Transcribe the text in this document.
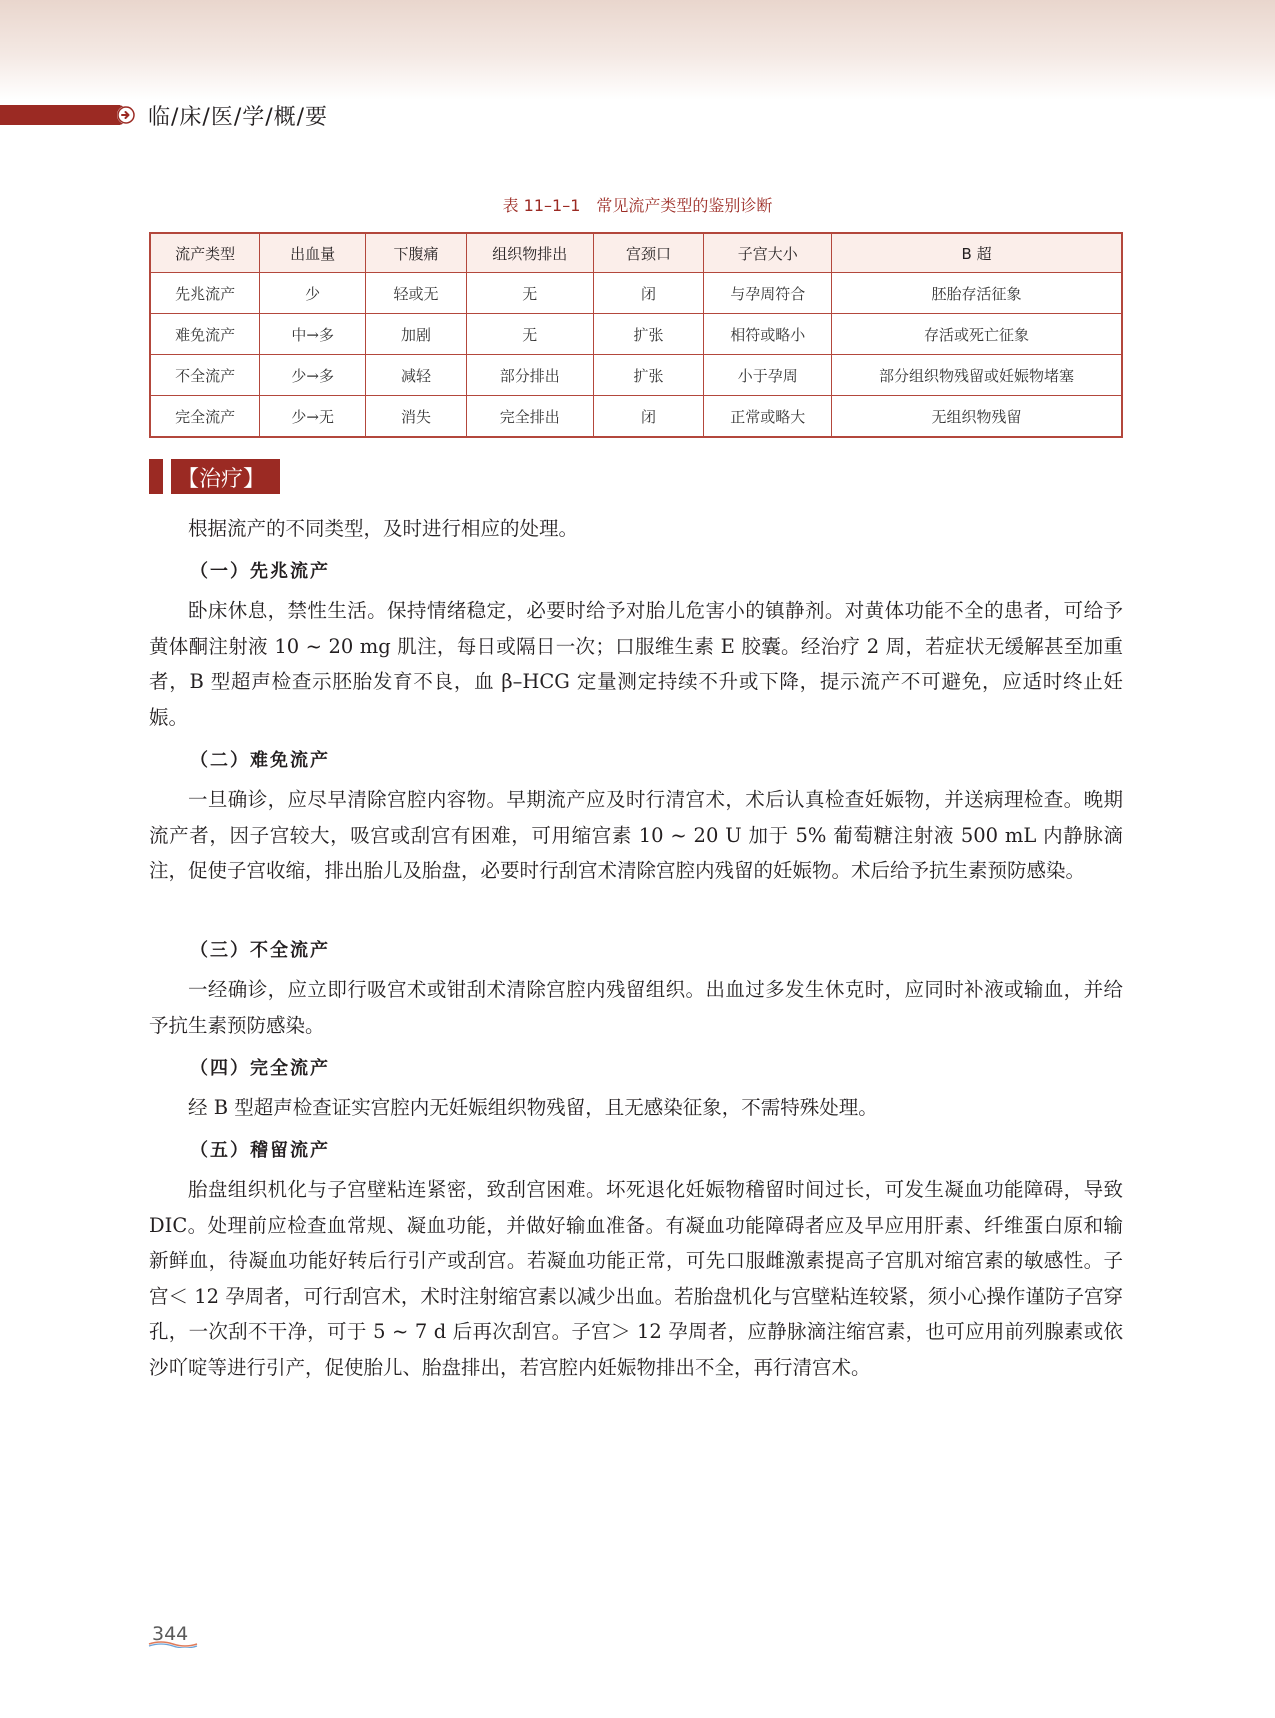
临/床/医/学/概/要
表 11–1–1　常见流产类型的鉴别诊断
流产类型	出血量	下腹痛	组织物排出	宫颈口	子宫大小	B 超
先兆流产	少	轻或无	无	闭	与孕周符合	胚胎存活征象
难免流产	中→多	加剧	无	扩张	相符或略小	存活或死亡征象
不全流产	少→多	减轻	部分排出	扩张	小于孕周	部分组织物残留或妊娠物堵塞
完全流产	少→无	消失	完全排出	闭	正常或略大	无组织物残留
【治疗】

根据流产的不同类型，及时进行相应的处理。

（一）先兆流产

卧床休息，禁性生活。保持情绪稳定，必要时给予对胎儿危害小的镇静剂。对黄体功能不全的患者，可给予黄体酮注射液 10 ~ 20 mg 肌注，每日或隔日一次；口服维生素 E 胶囊。经治疗 2 周，若症状无缓解甚至加重者，B 型超声检查示胚胎发育不良，血 β–HCG 定量测定持续不升或下降，提示流产不可避免，应适时终止妊娠。

（二）难免流产

一旦确诊，应尽早清除宫腔内容物。早期流产应及时行清宫术，术后认真检查妊娠物，并送病理检查。晚期流产者，因子宫较大，吸宫或刮宫有困难，可用缩宫素 10 ~ 20 U 加于 5% 葡萄糖注射液 500 mL 内静脉滴注，促使子宫收缩，排出胎儿及胎盘，必要时行刮宫术清除宫腔内残留的妊娠物。术后给予抗生素预防感染。

（三）不全流产

一经确诊，应立即行吸宫术或钳刮术清除宫腔内残留组织。出血过多发生休克时，应同时补液或输血，并给予抗生素预防感染。

（四）完全流产

经 B 型超声检查证实宫腔内无妊娠组织物残留，且无感染征象，不需特殊处理。

（五）稽留流产

胎盘组织机化与子宫壁粘连紧密，致刮宫困难。坏死退化妊娠物稽留时间过长，可发生凝血功能障碍，导致 DIC。处理前应检查血常规、凝血功能，并做好输血准备。有凝血功能障碍者应及早应用肝素、纤维蛋白原和输新鲜血，待凝血功能好转后行引产或刮宫。若凝血功能正常，可先口服雌激素提高子宫肌对缩宫素的敏感性。子宫＜ 12 孕周者，可行刮宫术，术时注射缩宫素以减少出血。若胎盘机化与宫壁粘连较紧，须小心操作谨防子宫穿孔，一次刮不干净，可于 5 ~ 7 d 后再次刮宫。子宫＞ 12 孕周者，应静脉滴注缩宫素，也可应用前列腺素或依沙吖啶等进行引产，促使胎儿、胎盘排出，若宫腔内妊娠物排出不全，再行清宫术。

344
